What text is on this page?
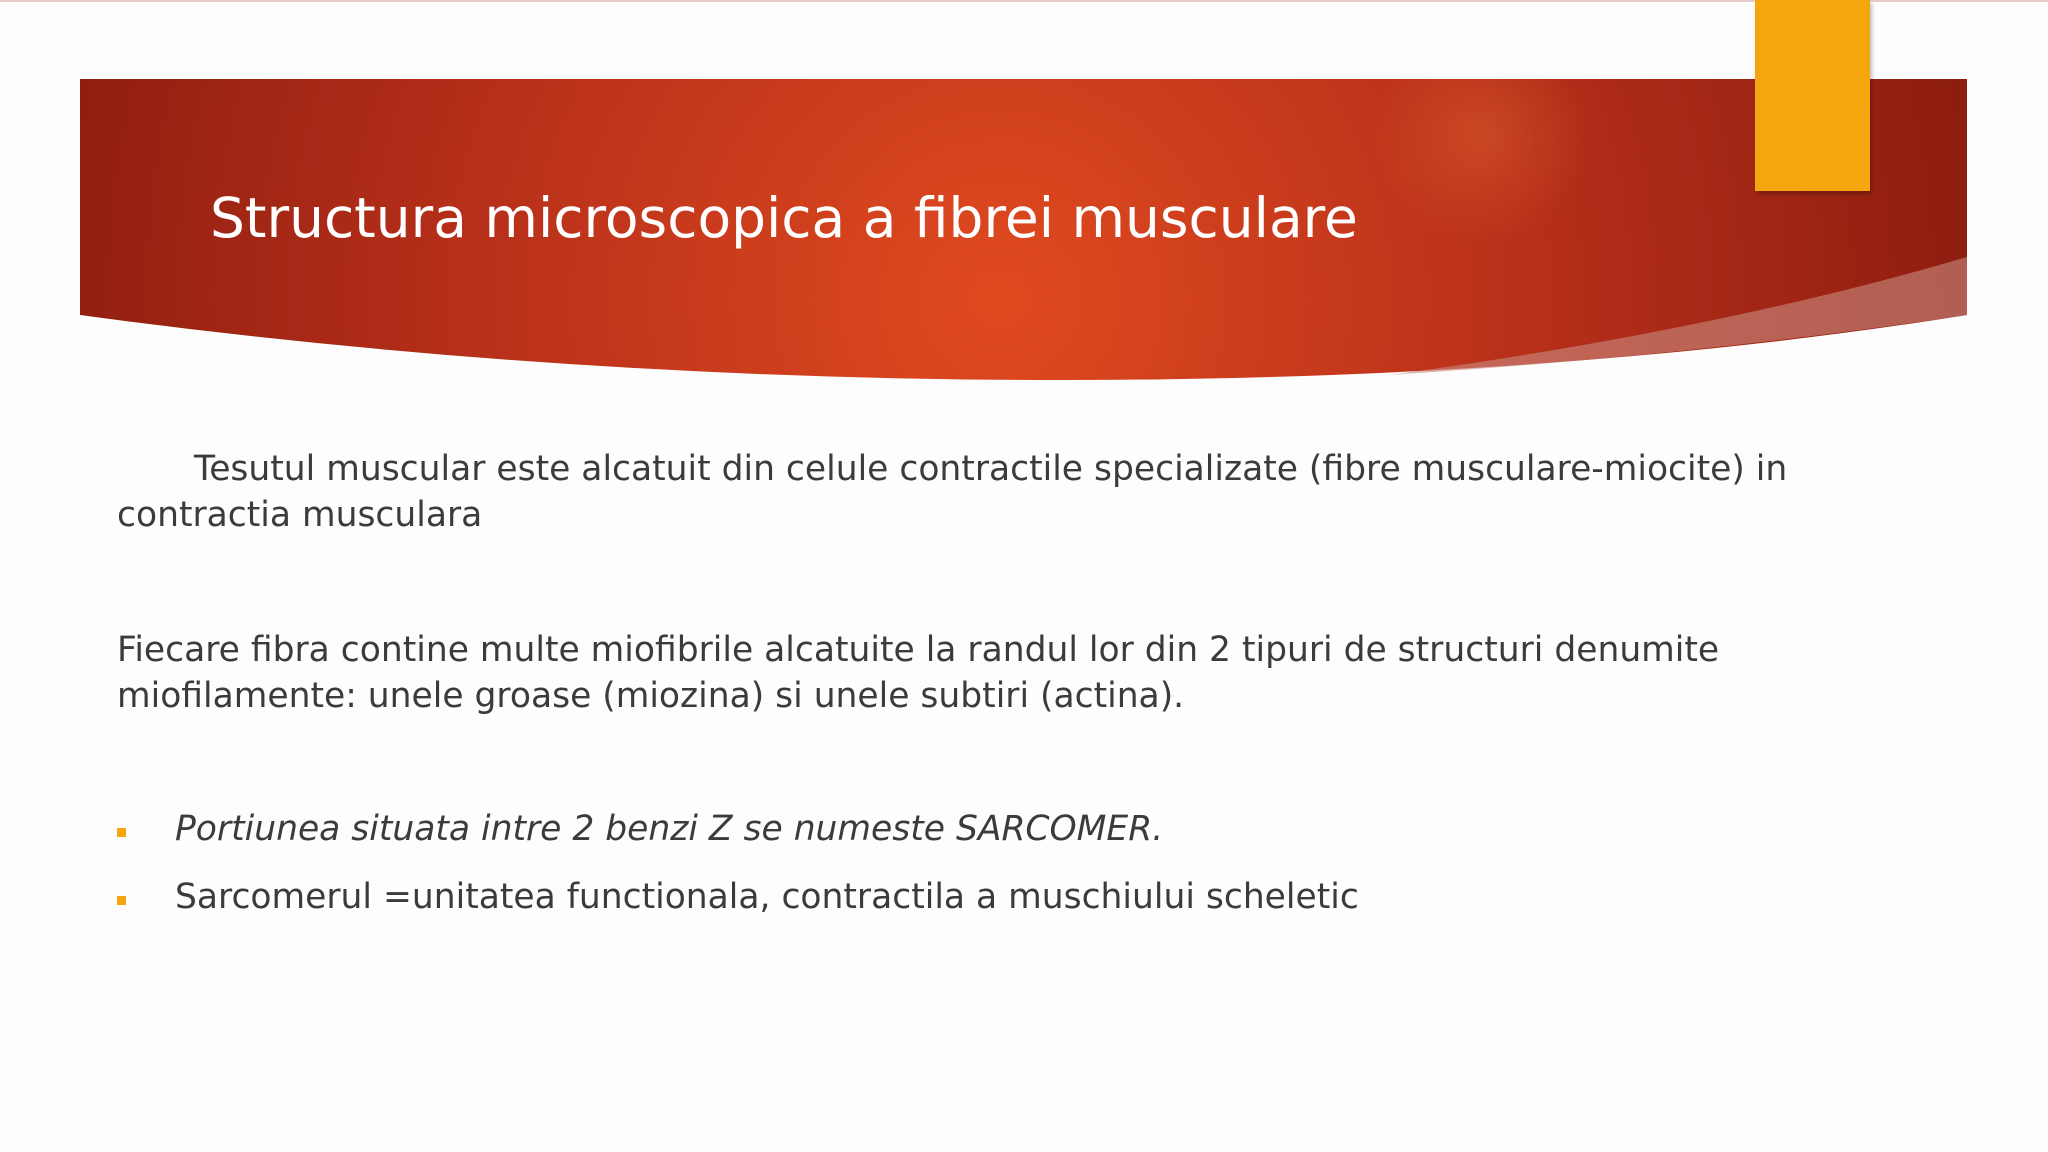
Structura microscopica a fibrei musculare

Tesutul muscular este alcatuit din celule contractile specializate (fibre musculare-miocite) in contractia musculara

Fiecare fibra contine multe miofibrile alcatuite la randul lor din 2 tipuri de structuri denumite miofilamente: unele groase (miozina) si unele subtiri (actina).

Portiunea situata intre 2 benzi Z se numeste SARCOMER.
Sarcomerul =unitatea functionala, contractila a muschiului scheletic
